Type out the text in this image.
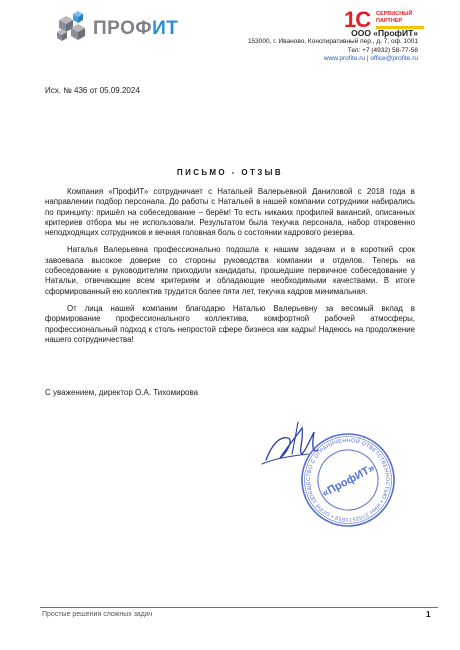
ПРОФИТ	1С СЕРВИСНЫЙ
ПАРТНЕР
ООО «ПрофИТ»
153000, г. Иваново, Конспиративный пер., д. 7, оф. 1001
Тел: +7 (4932) 58-77-58
www.profite.ru | office@profite.ru
Исх. № 436 от 05.09.2024
ПИСЬМО - ОТЗЫВ

Компания «ПрофИТ» сотрудничает с Натальей Валерьевной Даниловой с 2018 года в направлении подбор персонала. До работы с Натальей в нашей компании сотрудники набирались по принципу: пришёл на собеседование – берём! То есть никаких профилей вакансий, описанных критериев отбора мы не использовали. Результатом была текучка персонала, набор откровенно неподходящих сотрудников и вечная головная боль о состоянии кадрового резерва.

Наталья Валерьевна профессионально подошла к нашим задачам и в короткий срок завоевала высокое доверие со стороны руководства компании и отделов. Теперь на собеседование к руководителям приходили кандидаты, прошедшие первичное собеседование у Натальи, отвечающие всем критериям и обладающие необходимыми качествами. В итоге сформированный ею коллектив трудится более пяти лет, текучка кадров минимальная.

От лица нашей компании благодарю Наталью Валерьевну за весомый вклад в формирование профессионального коллектива, комфортной рабочей атмосферы, профессиональный подход к столь непростой сфере бизнеса как кадры! Надеюсь на продолжение нашего сотрудничества!

С уважением, директор О.А. Тихомирова
ОБЩЕСТВО С ОГРАНИЧЕННОЙ ОТВЕТСТВЕННОСТЬЮ • ИНН 3702571859 • ОГРН 1153702026585
«ПрофИТ»
Простые решения сложных задач	1
